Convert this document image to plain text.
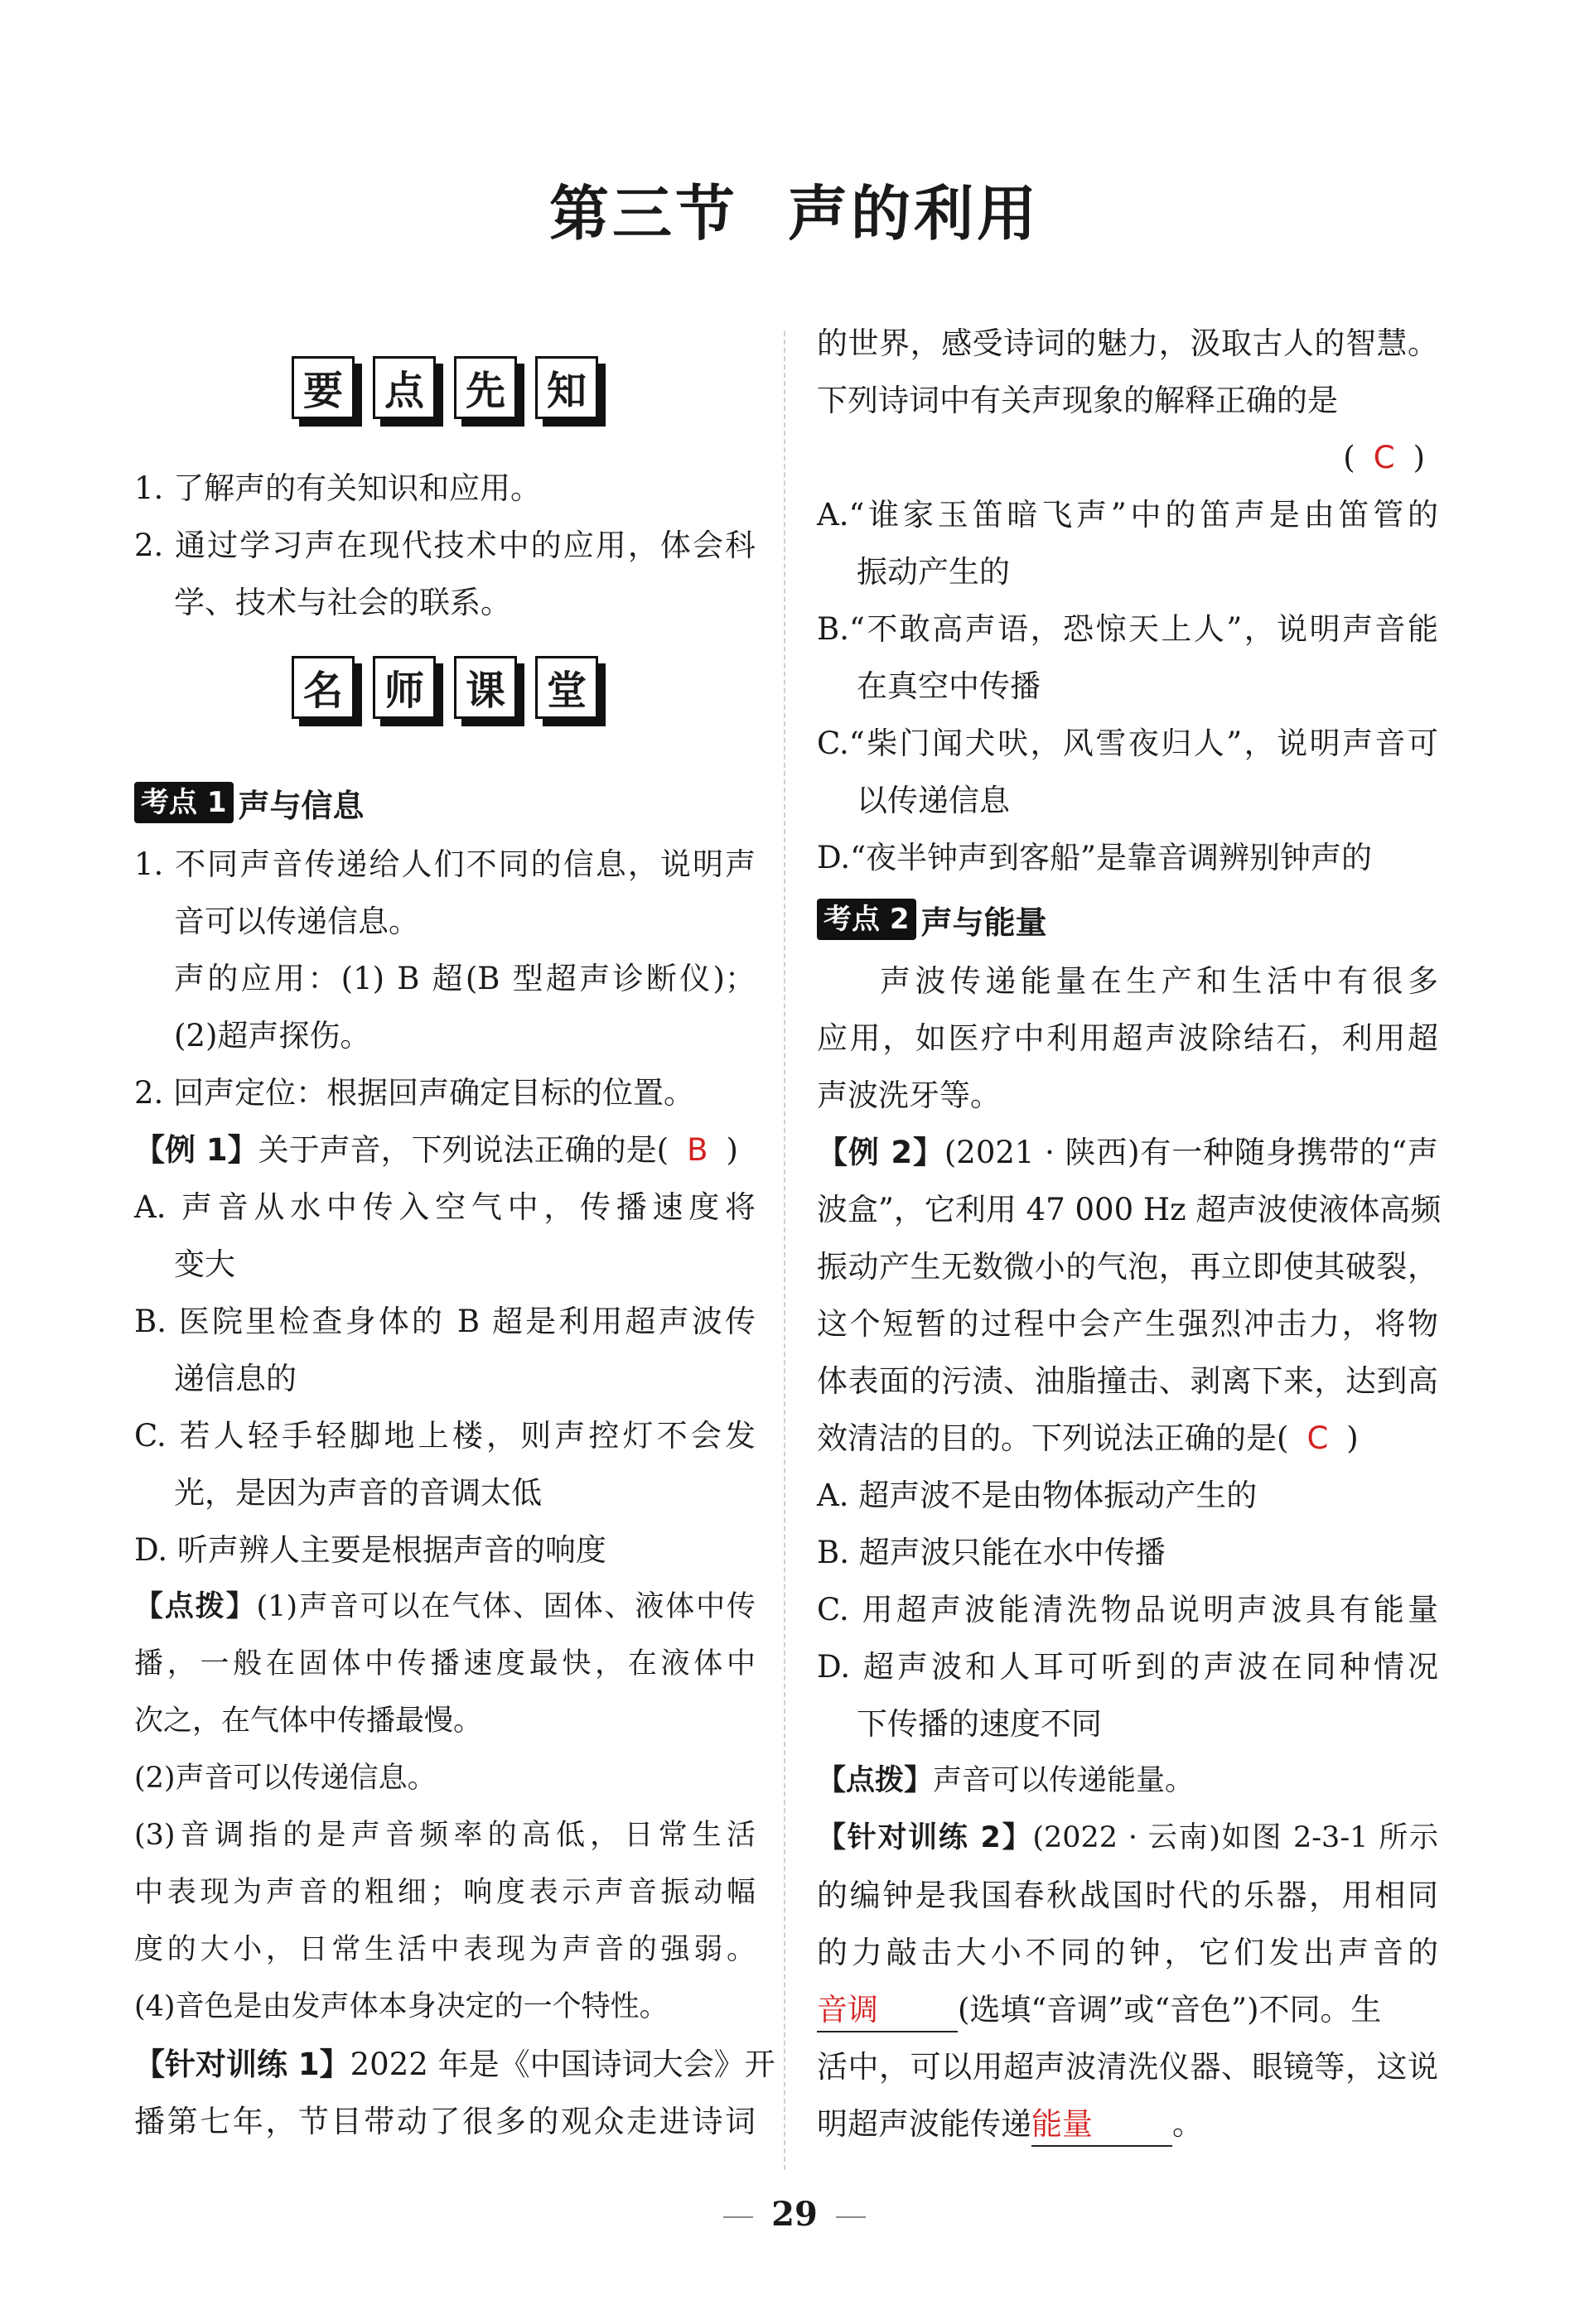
第三节 声的利用
要 点 先 知
1. 了解声的有关知识和应用。
2. 通过学习声在现代技术中的应用，体会科
学、技术与社会的联系。
名 师 课 堂
考点 1 声与信息
1. 不同声音传递给人们不同的信息，说明声
音可以传递信息。
声的应用：(1) B 超(B 型超声诊断仪)；
(2)超声探伤。
2. 回声定位：根据回声确定目标的位置。
【例 1】关于声音，下列说法正确的是( B )
A. 声音从水中传入空气中，传播速度将
变大
B. 医院里检查身体的 B 超是利用超声波传
递信息的
C. 若人轻手轻脚地上楼，则声控灯不会发
光，是因为声音的音调太低
D. 听声辨人主要是根据声音的响度
【点拨】(1)声音可以在气体、固体、液体中传
播，一般在固体中传播速度最快，在液体中
次之，在气体中传播最慢。
(2)声音可以传递信息。
(3)音调指的是声音频率的高低，日常生活
中表现为声音的粗细；响度表示声音振动幅
度的大小，日常生活中表现为声音的强弱。
(4)音色是由发声体本身决定的一个特性。
【针对训练 1】2022 年是《中国诗词大会》开
播第七年，节目带动了很多的观众走进诗词
的世界，感受诗词的魅力，汲取古人的智慧。
下列诗词中有关声现象的解释正确的是
( C )
A.“谁家玉笛暗飞声”中的笛声是由笛管的
振动产生的
B.“不敢高声语，恐惊天上人”，说明声音能
在真空中传播
C.“柴门闻犬吠，风雪夜归人”，说明声音可
以传递信息
D.“夜半钟声到客船”是靠音调辨别钟声的
考点 2 声与能量
声波传递能量在生产和生活中有很多
应用，如医疗中利用超声波除结石，利用超
声波洗牙等。
【例 2】(2021 · 陕西)有一种随身携带的“声
波盒”，它利用 47 000 Hz 超声波使液体高频
振动产生无数微小的气泡，再立即使其破裂，
这个短暂的过程中会产生强烈冲击力，将物
体表面的污渍、油脂撞击、剥离下来，达到高
效清洁的目的。下列说法正确的是( C )
A. 超声波不是由物体振动产生的
B. 超声波只能在水中传播
C. 用超声波能清洗物品说明声波具有能量
D. 超声波和人耳可听到的声波在同种情况
下传播的速度不同
【点拨】声音可以传递能量。
【针对训练 2】(2022 · 云南)如图 2-3-1 所示
的编钟是我国春秋战国时代的乐器，用相同
的力敲击大小不同的钟，它们发出声音的
音调	(选填“音调”或“音色”)不同。生
活中，可以用超声波清洗仪器、眼镜等，这说
明超声波能传递能量	。
29
